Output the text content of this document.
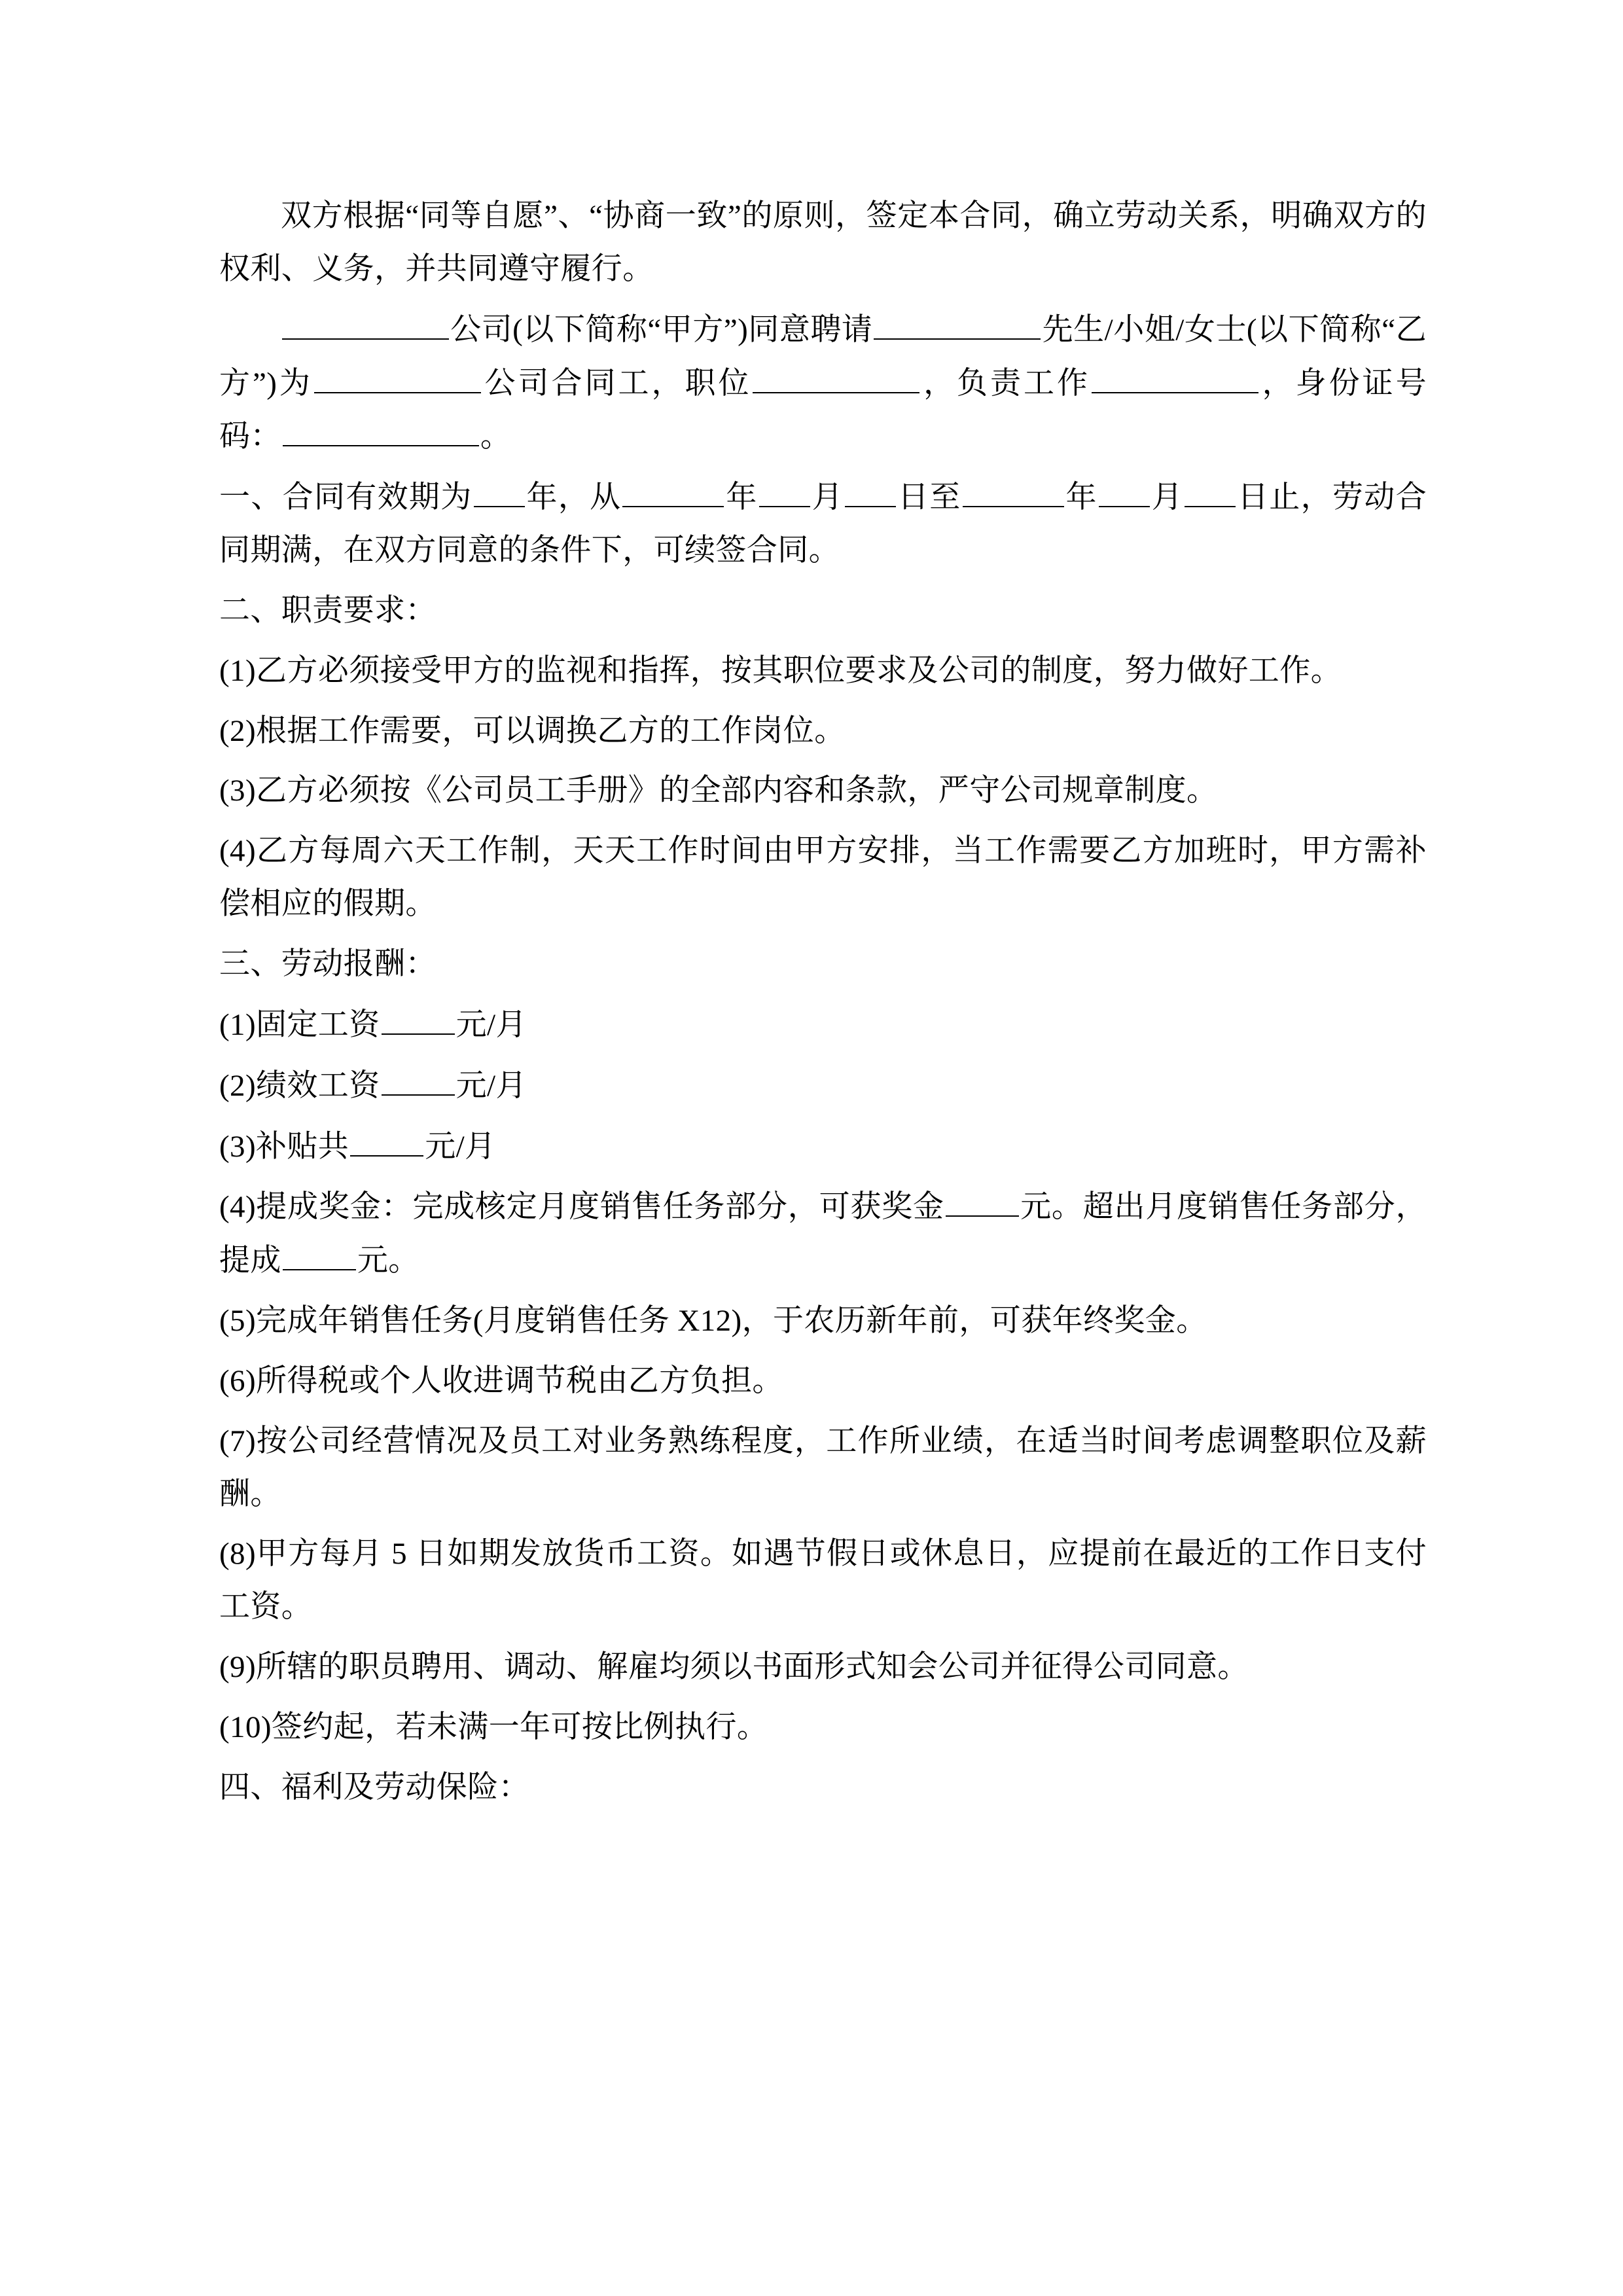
双方根据“同等自愿”、“协商一致”的原则，签定本合同，确立劳动关系，明确双方的权利、义务，并共同遵守履行。

公司(以下简称“甲方”)同意聘请	先生/小姐/女士(以下简称“乙方”)为	公司合同工，职位	，负责工作	，身份证号码：	。

一、合同有效期为 年，从	年 月 日至	年 月 日止，劳动合同期满，在双方同意的条件下，可续签合同。

二、职责要求：

(1)乙方必须接受甲方的监视和指挥，按其职位要求及公司的制度，努力做好工作。

(2)根据工作需要，可以调换乙方的工作岗位。

(3)乙方必须按《公司员工手册》的全部内容和条款，严守公司规章制度。

(4)乙方每周六天工作制，天天工作时间由甲方安排，当工作需要乙方加班时，甲方需补偿相应的假期。

三、劳动报酬：

(1)固定工资 元/月

(2)绩效工资 元/月

(3)补贴共 元/月

(4)提成奖金：完成核定月度销售任务部分，可获奖金 元。超出月度销售任务部分，提成 元。

(5)完成年销售任务(月度销售任务 X12)，于农历新年前，可获年终奖金。

(6)所得税或个人收进调节税由乙方负担。

(7)按公司经营情况及员工对业务熟练程度，工作所业绩，在适当时间考虑调整职位及薪酬。

(8)甲方每月 5 日如期发放货币工资。如遇节假日或休息日，应提前在最近的工作日支付工资。

(9)所辖的职员聘用、调动、解雇均须以书面形式知会公司并征得公司同意。

(10)签约起，若未满一年可按比例执行。

四、福利及劳动保险：
